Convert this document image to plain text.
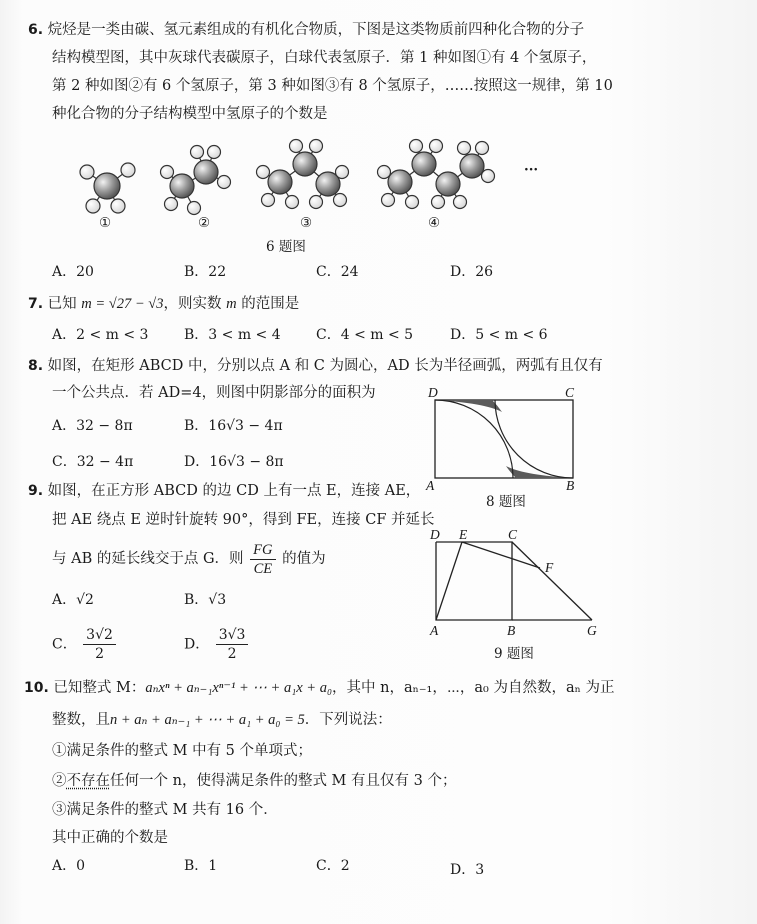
6. 烷烃是一类由碳、氢元素组成的有机化合物质，下图是这类物质前四种化合物的分子
结构模型图，其中灰球代表碳原子，白球代表氢原子．第 1 种如图①有 4 个氢原子，
第 2 种如图②有 6 个氢原子，第 3 种如图③有 8 个氢原子，……按照这一规律，第 10
种化合物的分子结构模型中氢原子的个数是
①	②	③	④
···
6 题图
A．20	B．22	C．24	D．26
7. 已知 m = √27 − √3，则实数 m 的范围是
A．2 < m < 3	B．3 < m < 4	C．4 < m < 5	D．5 < m < 6
8. 如图，在矩形 ABCD 中，分别以点 A 和 C 为圆心，AD 长为半径画弧，两弧有且仅有
一个公共点．若 AD=4，则图中阴影部分的面积为
A．32 − 8π	B．16√3 − 4π
C．32 − 4π	D．16√3 − 8π
D	C
A	B
8 题图
9. 如图，在正方形 ABCD 的边 CD 上有一点 E，连接 AE，
把 AE 绕点 E 逆时针旋转 90°，得到 FE，连接 CF 并延长
与 AB 的延长线交于点 G．则 $\frac{FG}{CE}$ 的值为
A．√2	B．√3
C． $\frac{3√2}{2}$	D． $\frac{3√3}{2}$
D E	C
F
A	B	G
9 题图
10. 已知整式 M：aₙxⁿ + aₙ₋₁xⁿ⁻¹ + ⋯ + a₁x + a₀，其中 n，aₙ₋₁，⋯，a₀ 为自然数，aₙ 为正
整数，且n + aₙ + aₙ₋₁ + ⋯ + a₁ + a₀ = 5．下列说法：
①满足条件的整式 M 中有 5 个单项式；
②不存在任何一个 n，使得满足条件的整式 M 有且仅有 3 个；
③满足条件的整式 M 共有 16 个．
其中正确的个数是
A．0	B．1	C．2	D．3
